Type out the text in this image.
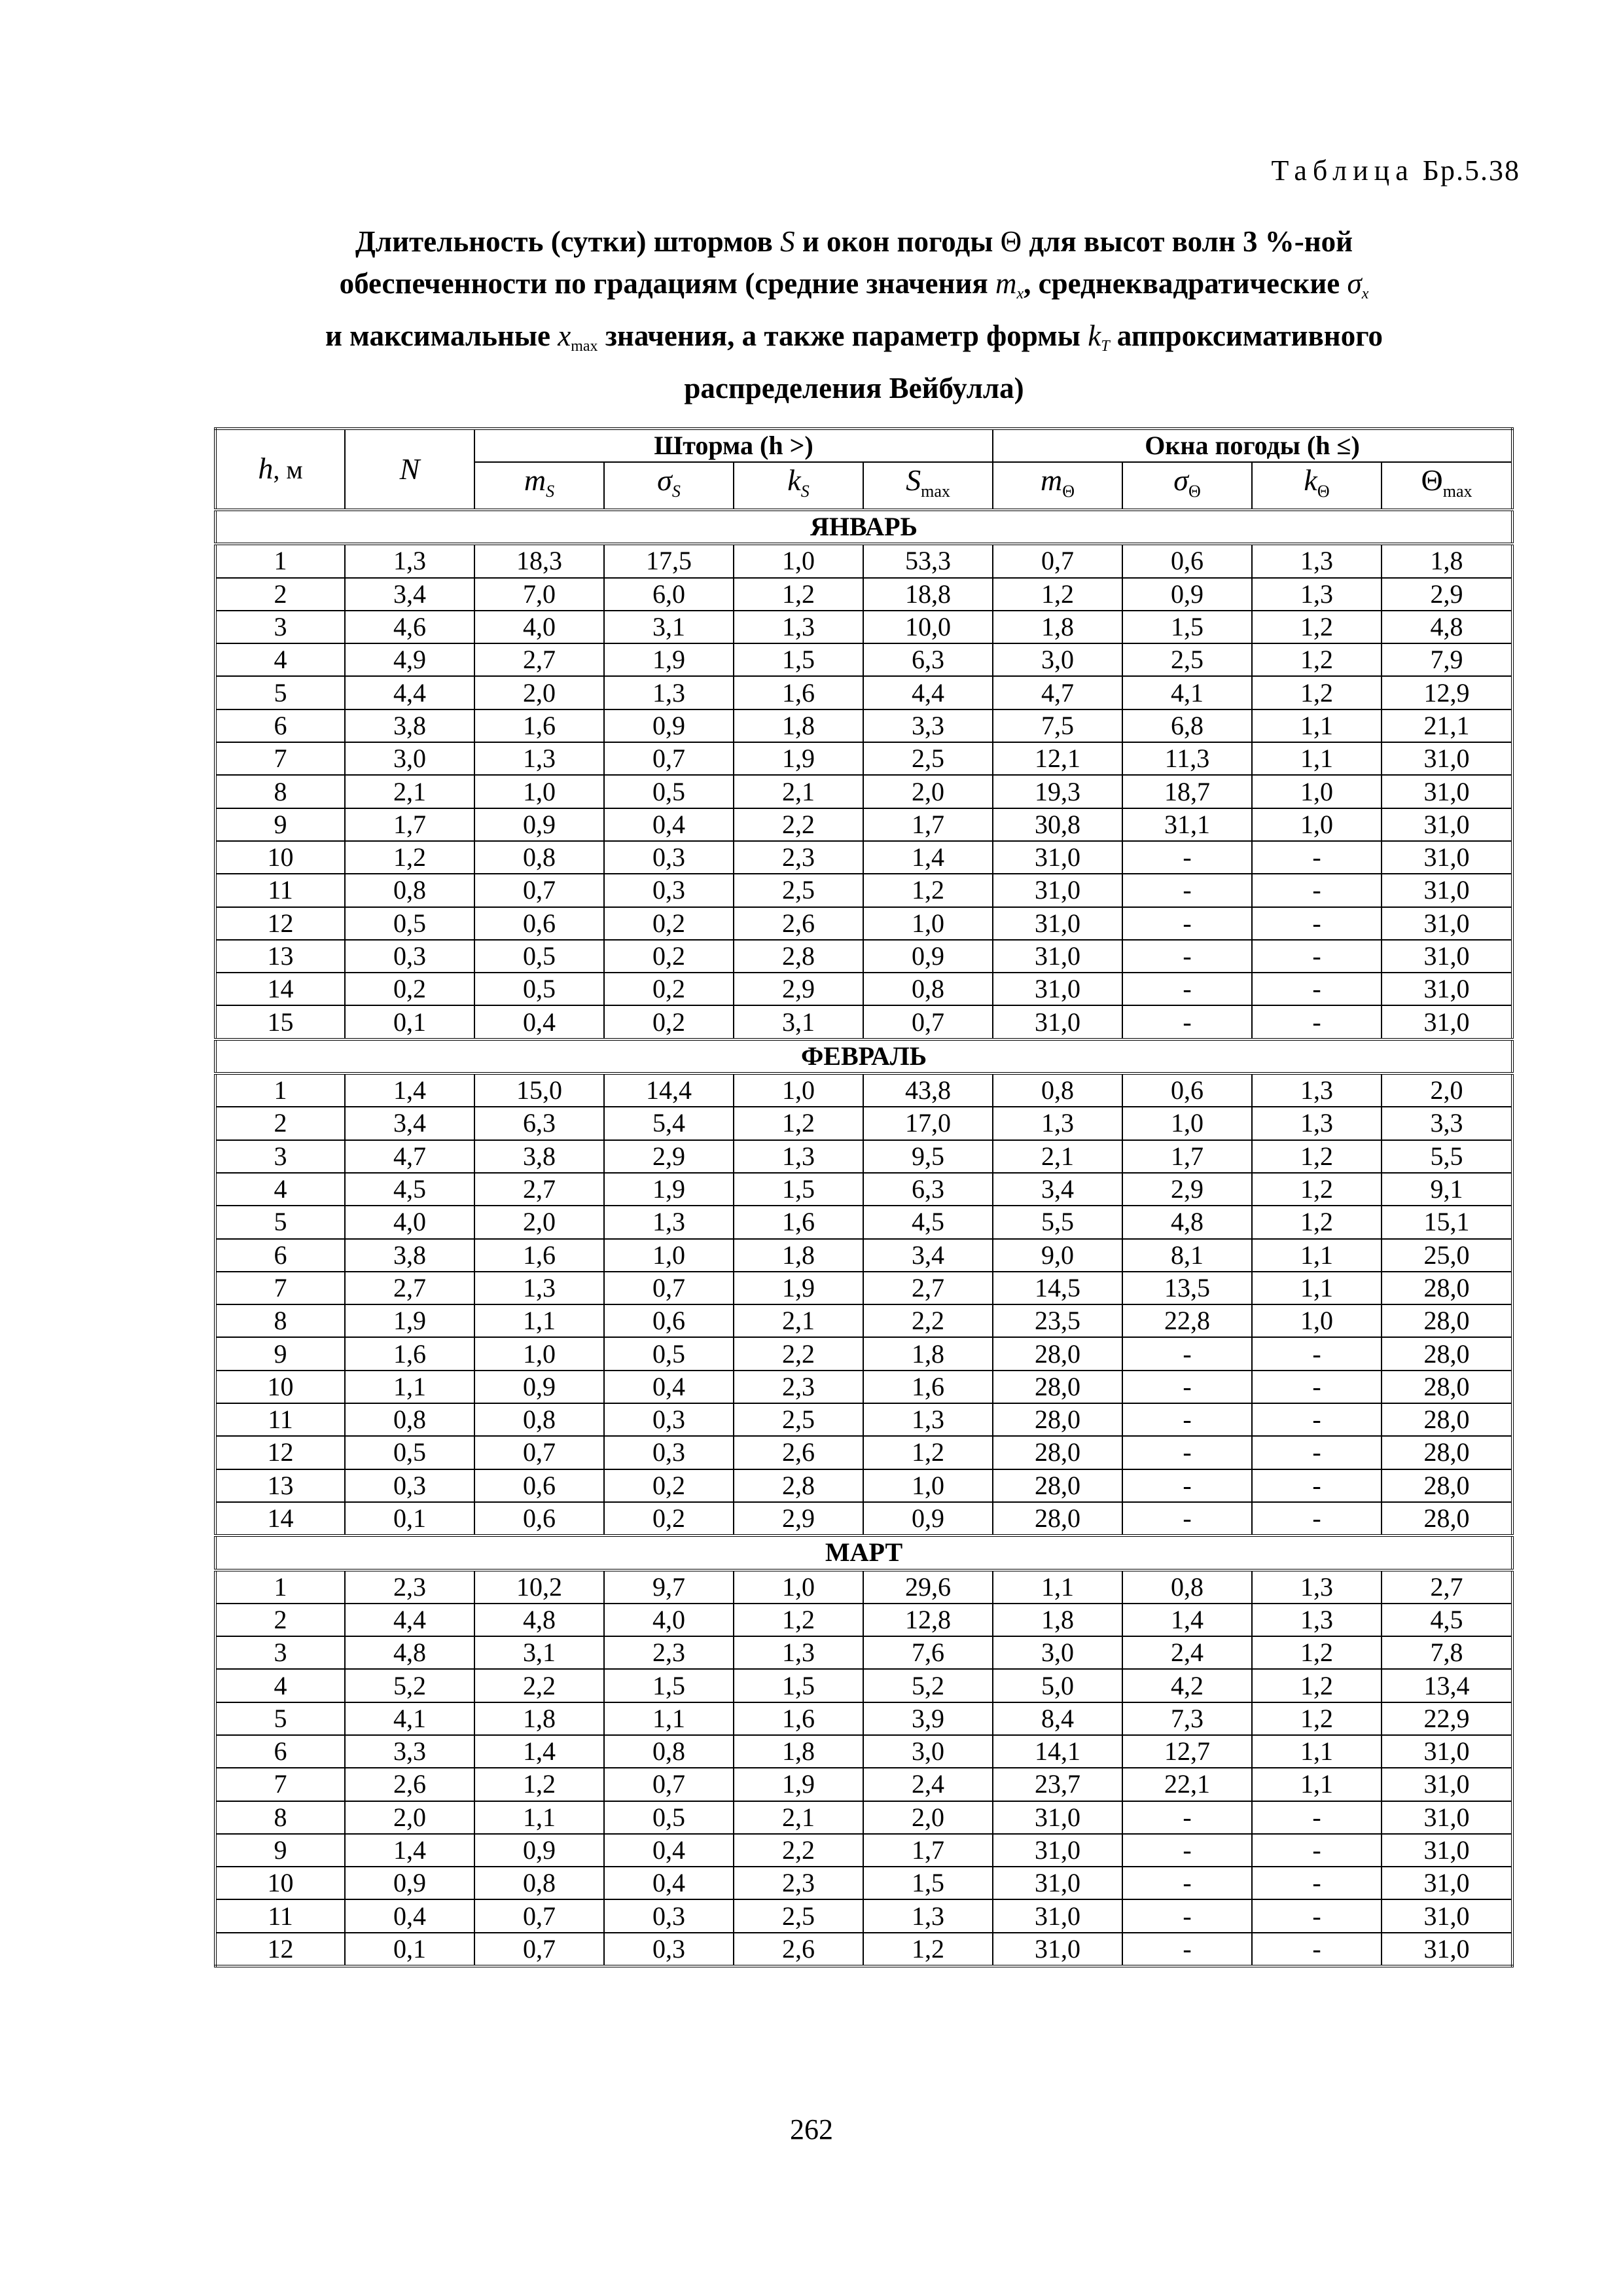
Таблица Бр.5.38
Длительность (сутки) штормов S и окон погоды Θ для высот волн 3 %-ной
обеспеченности по градациям (средние значения $m_x$, среднеквадратические $\sigma_x$
и максимальные xmax значения, а также параметр формы $k_T$ аппроксимативного
распределения Вейбулла)
h, м	N	Шторма (h >)				Окна погоды (h ≤)			
		$m_S$	$\sigma_S$	$k_S$	$S_{max}$	$m_\Theta$	$\sigma_\Theta$	$k_\Theta$	$\Theta_{max}$
ЯНВАРЬ									
1	1,3	18,3	17,5	1,0	53,3	0,7	0,6	1,3	1,8
2	3,4	7,0	6,0	1,2	18,8	1,2	0,9	1,3	2,9
3	4,6	4,0	3,1	1,3	10,0	1,8	1,5	1,2	4,8
4	4,9	2,7	1,9	1,5	6,3	3,0	2,5	1,2	7,9
5	4,4	2,0	1,3	1,6	4,4	4,7	4,1	1,2	12,9
6	3,8	1,6	0,9	1,8	3,3	7,5	6,8	1,1	21,1
7	3,0	1,3	0,7	1,9	2,5	12,1	11,3	1,1	31,0
8	2,1	1,0	0,5	2,1	2,0	19,3	18,7	1,0	31,0
9	1,7	0,9	0,4	2,2	1,7	30,8	31,1	1,0	31,0
10	1,2	0,8	0,3	2,3	1,4	31,0	-	-	31,0
11	0,8	0,7	0,3	2,5	1,2	31,0	-	-	31,0
12	0,5	0,6	0,2	2,6	1,0	31,0	-	-	31,0
13	0,3	0,5	0,2	2,8	0,9	31,0	-	-	31,0
14	0,2	0,5	0,2	2,9	0,8	31,0	-	-	31,0
15	0,1	0,4	0,2	3,1	0,7	31,0	-	-	31,0
ФЕВРАЛЬ									
1	1,4	15,0	14,4	1,0	43,8	0,8	0,6	1,3	2,0
2	3,4	6,3	5,4	1,2	17,0	1,3	1,0	1,3	3,3
3	4,7	3,8	2,9	1,3	9,5	2,1	1,7	1,2	5,5
4	4,5	2,7	1,9	1,5	6,3	3,4	2,9	1,2	9,1
5	4,0	2,0	1,3	1,6	4,5	5,5	4,8	1,2	15,1
6	3,8	1,6	1,0	1,8	3,4	9,0	8,1	1,1	25,0
7	2,7	1,3	0,7	1,9	2,7	14,5	13,5	1,1	28,0
8	1,9	1,1	0,6	2,1	2,2	23,5	22,8	1,0	28,0
9	1,6	1,0	0,5	2,2	1,8	28,0	-	-	28,0
10	1,1	0,9	0,4	2,3	1,6	28,0	-	-	28,0
11	0,8	0,8	0,3	2,5	1,3	28,0	-	-	28,0
12	0,5	0,7	0,3	2,6	1,2	28,0	-	-	28,0
13	0,3	0,6	0,2	2,8	1,0	28,0	-	-	28,0
14	0,1	0,6	0,2	2,9	0,9	28,0	-	-	28,0
МАРТ									
1	2,3	10,2	9,7	1,0	29,6	1,1	0,8	1,3	2,7
2	4,4	4,8	4,0	1,2	12,8	1,8	1,4	1,3	4,5
3	4,8	3,1	2,3	1,3	7,6	3,0	2,4	1,2	7,8
4	5,2	2,2	1,5	1,5	5,2	5,0	4,2	1,2	13,4
5	4,1	1,8	1,1	1,6	3,9	8,4	7,3	1,2	22,9
6	3,3	1,4	0,8	1,8	3,0	14,1	12,7	1,1	31,0
7	2,6	1,2	0,7	1,9	2,4	23,7	22,1	1,1	31,0
8	2,0	1,1	0,5	2,1	2,0	31,0	-	-	31,0
9	1,4	0,9	0,4	2,2	1,7	31,0	-	-	31,0
10	0,9	0,8	0,4	2,3	1,5	31,0	-	-	31,0
11	0,4	0,7	0,3	2,5	1,3	31,0	-	-	31,0
12	0,1	0,7	0,3	2,6	1,2	31,0	-	-	31,0
262
